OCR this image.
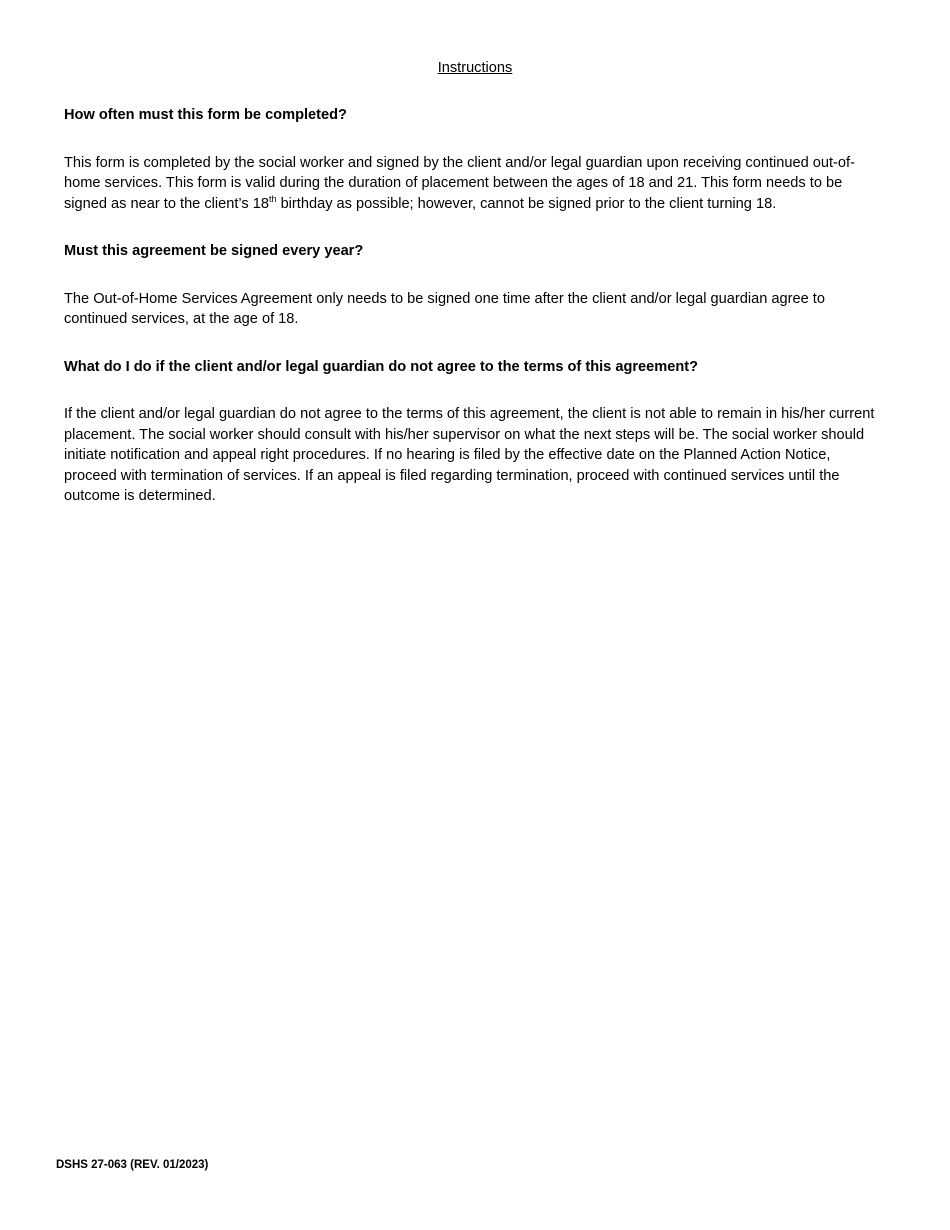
Instructions

How often must this form be completed?

This form is completed by the social worker and signed by the client and/or legal guardian upon receiving continued out-of-home services. This form is valid during the duration of placement between the ages of 18 and 21. This form needs to be signed as near to the client’s 18th birthday as possible; however, cannot be signed prior to the client turning 18.

Must this agreement be signed every year?

The Out-of-Home Services Agreement only needs to be signed one time after the client and/or legal guardian agree to continued services, at the age of 18.

What do I do if the client and/or legal guardian do not agree to the terms of this agreement?

If the client and/or legal guardian do not agree to the terms of this agreement, the client is not able to remain in his/her current placement. The social worker should consult with his/her supervisor on what the next steps will be. The social worker should initiate notification and appeal right procedures. If no hearing is filed by the effective date on the Planned Action Notice, proceed with termination of services. If an appeal is filed regarding termination, proceed with continued services until the outcome is determined.

DSHS 27-063 (REV. 01/2023)
